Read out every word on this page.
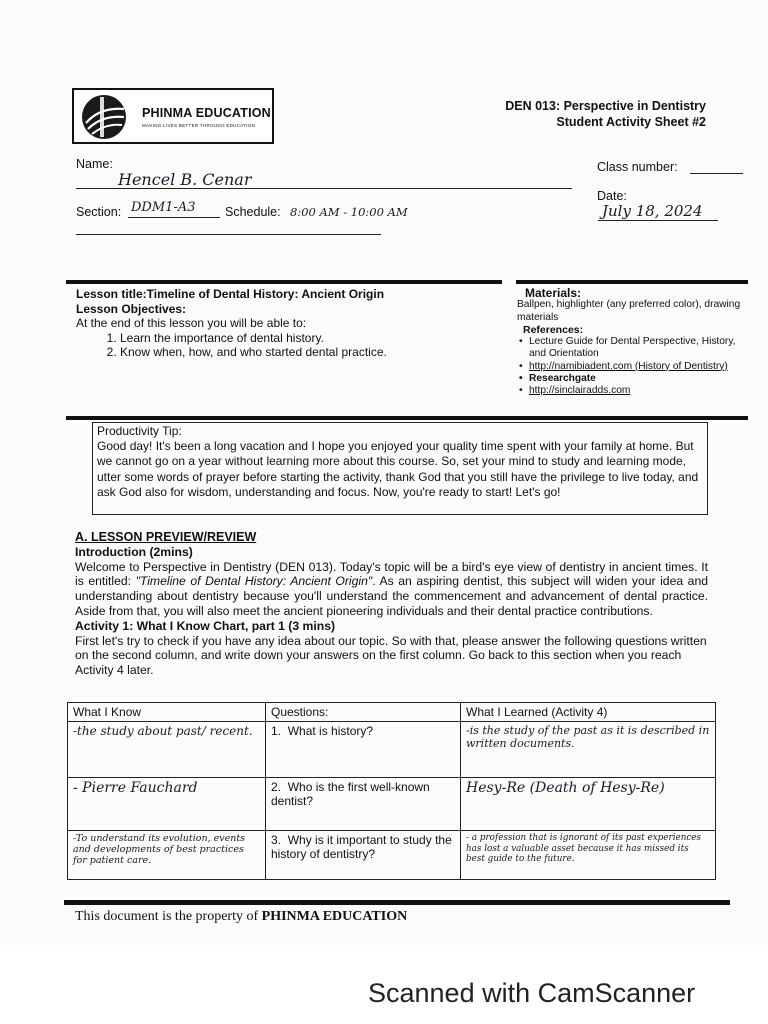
PHINMA EDUCATION
MAKING LIVES BETTER THROUGH EDUCATION
DEN 013: Perspective in Dentistry
Student Activity Sheet #2
Name:
Hencel B. Cenar
Class number:
Date:
July 18, 2024
Section: DDM1-A3 Schedule: 8:00 AM - 10:00 AM
Lesson title:Timeline of Dental History: Ancient Origin
Lesson Objectives:
At the end of this lesson you will be able to:
1. Learn the importance of dental history.
2. Know when, how, and who started dental practice.
Materials:
Ballpen, highlighter (any preferred color), drawing materials
References:
• Lecture Guide for Dental Perspective, History, and Orientation
• http://namibiadent.com (History of Dentistry)
• Researchgate
• http://sinclairadds.com
Productivity Tip:
Good day! It's been a long vacation and I hope you enjoyed your quality time spent with your family at home. But we cannot go on a year without learning more about this course. So, set your mind to study and learning mode, utter some words of prayer before starting the activity, thank God that you still have the privilege to live today, and ask God also for wisdom, understanding and focus. Now, you're ready to start! Let's go!
A. LESSON PREVIEW/REVIEW
Introduction (2mins)

Welcome to Perspective in Dentistry (DEN 013). Today's topic will be a bird's eye view of dentistry in ancient times. It is entitled: "Timeline of Dental History: Ancient Origin". As an aspiring dentist, this subject will widen your idea and understanding about dentistry because you'll understand the commencement and advancement of dental practice. Aside from that, you will also meet the ancient pioneering individuals and their dental practice contributions.

Activity 1: What I Know Chart, part 1 (3 mins)

First let's try to check if you have any idea about our topic. So with that, please answer the following questions written on the second column, and write down your answers on the first column. Go back to this section when you reach Activity 4 later.

What I Know	Questions:	What I Learned (Activity 4)
-the study about past/ recent.	1. What is history?	-is the study of the past as it is described in written documents.
- Pierre Fauchard	2. Who is the first well-known dentist?	Hesy-Re (Death of Hesy-Re)
-To understand its evolution, events and developments of best practices for patient care.	3. Why is it important to study the history of dentistry?	- a profession that is ignorant of its past experiences has lost a valuable asset because it has missed its best guide to the future.
This document is the property of PHINMA EDUCATION
Scanned with CamScanner
